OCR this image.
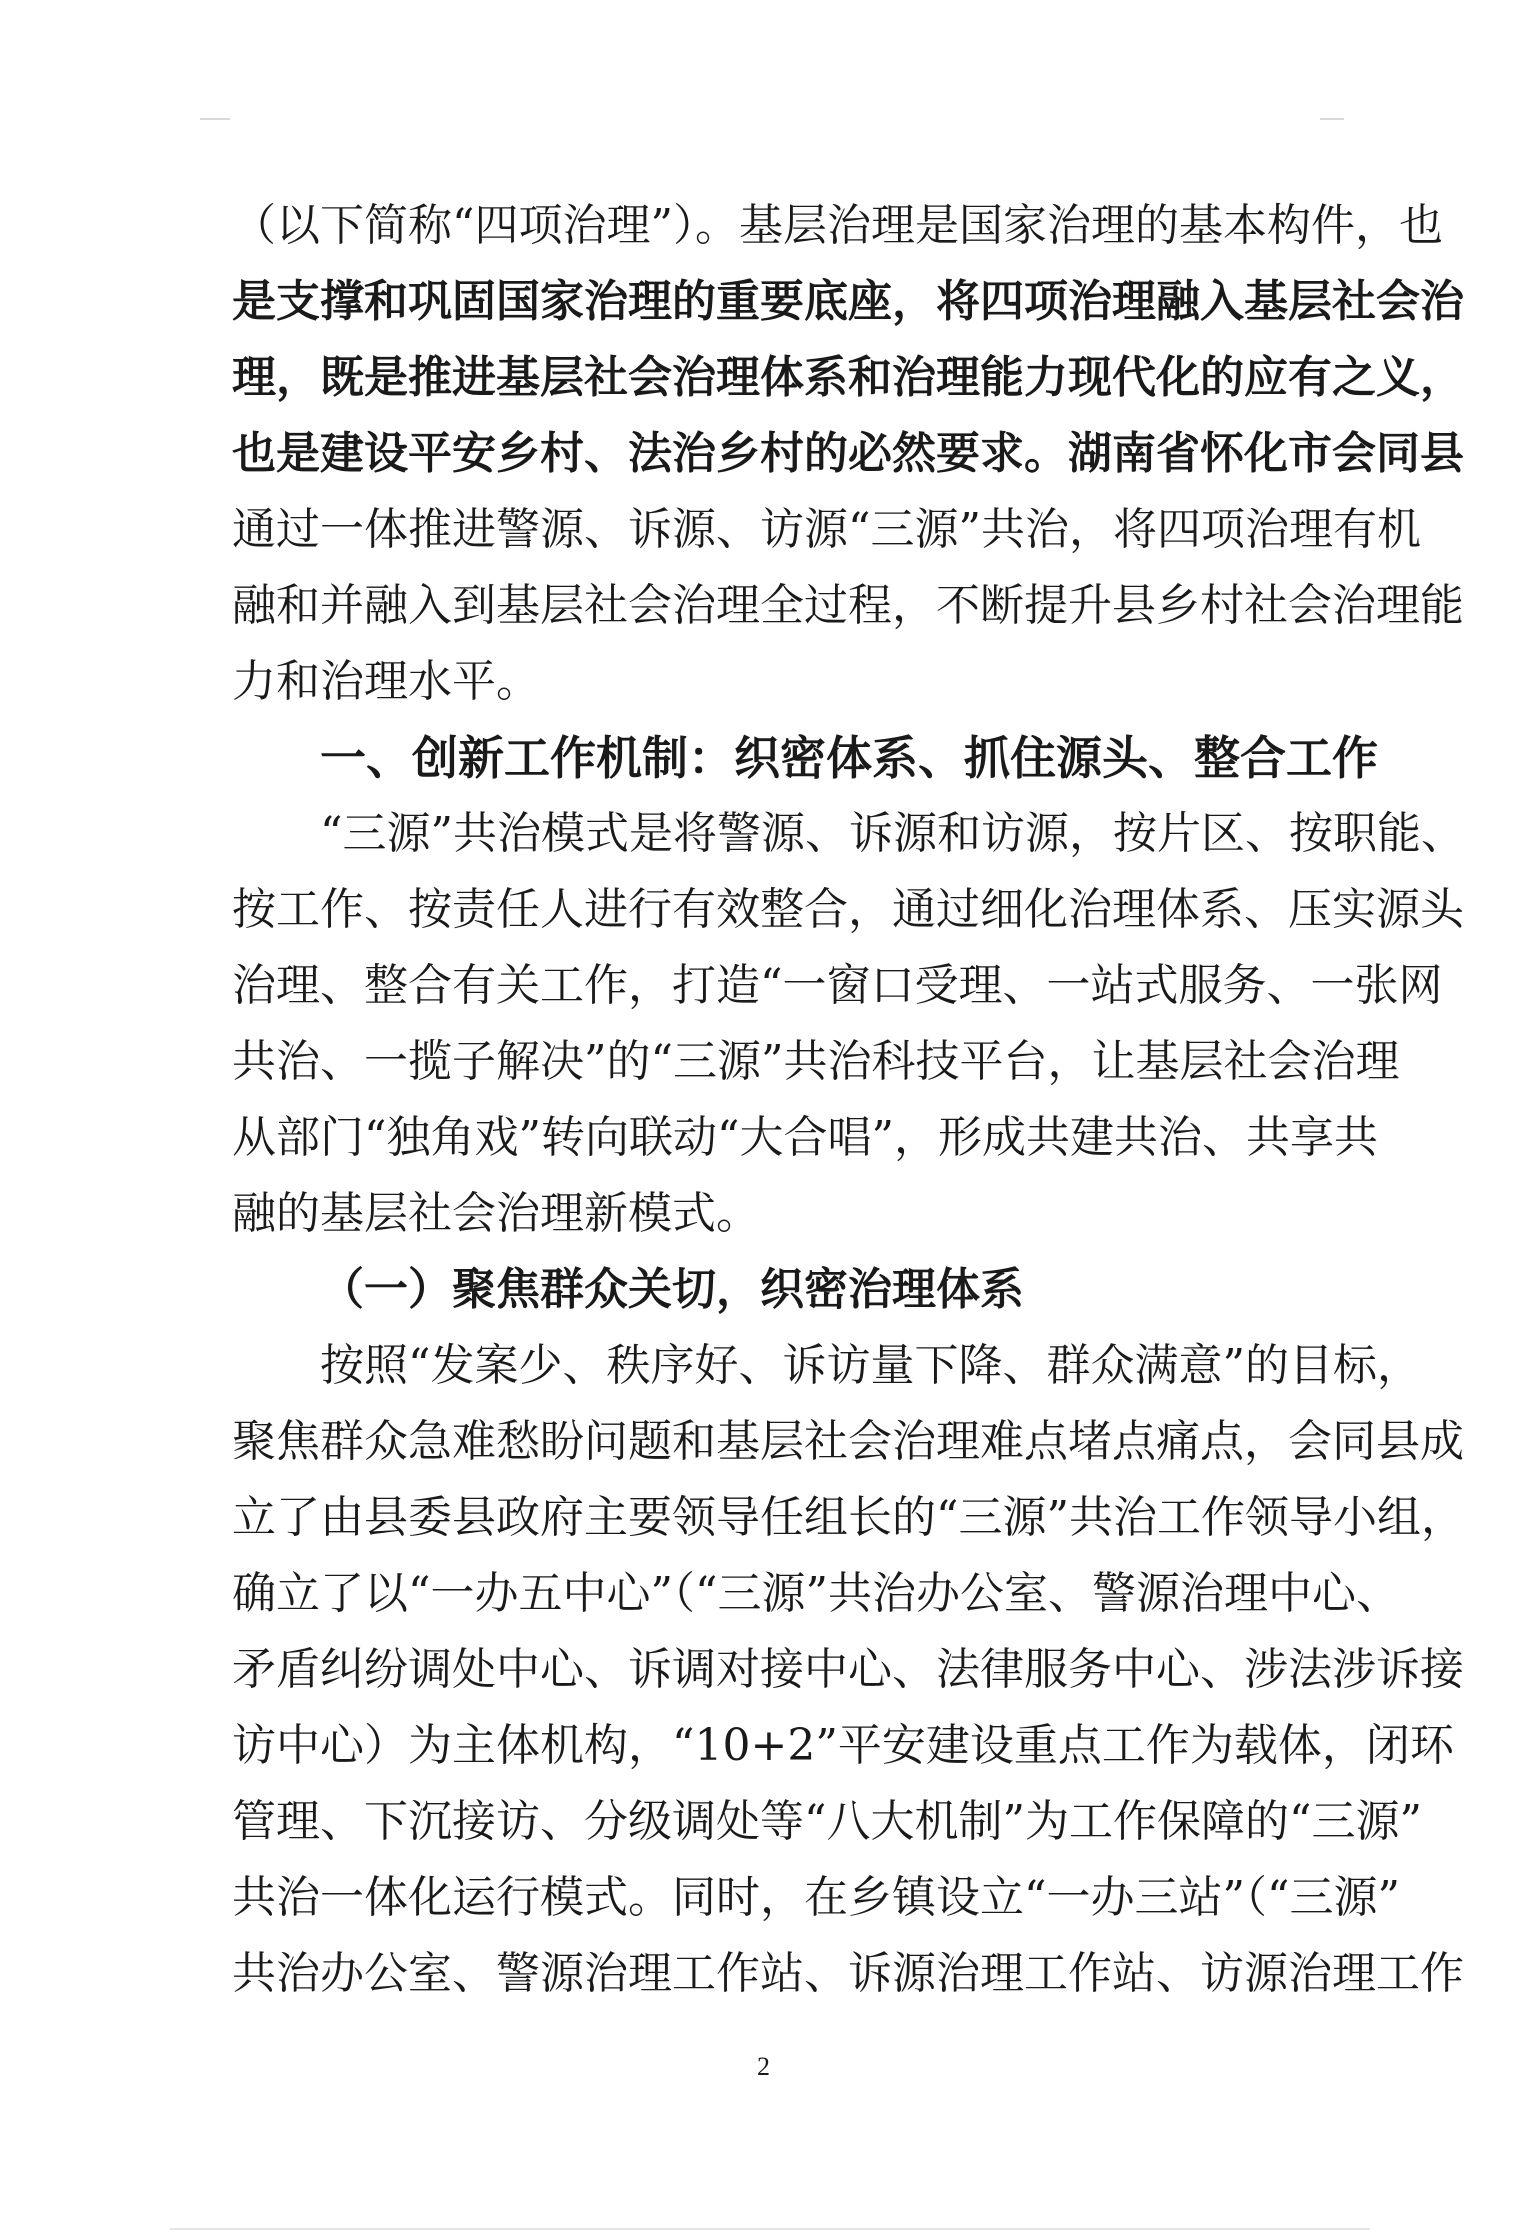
（以下简称“四项治理”）。基层治理是国家治理的基本构件，也
是支撑和巩固国家治理的重要底座，将四项治理融入基层社会治
理，既是推进基层社会治理体系和治理能力现代化的应有之义，
也是建设平安乡村、法治乡村的必然要求。湖南省怀化市会同县
通过一体推进警源、诉源、访源“三源”共治，将四项治理有机
融和并融入到基层社会治理全过程，不断提升县乡村社会治理能
力和治理水平。
一、创新工作机制：织密体系、抓住源头、整合工作
“三源”共治模式是将警源、诉源和访源，按片区、按职能、
按工作、按责任人进行有效整合，通过细化治理体系、压实源头
治理、整合有关工作，打造“一窗口受理、一站式服务、一张网
共治、一揽子解决”的“三源”共治科技平台，让基层社会治理
从部门“独角戏”转向联动“大合唱”，形成共建共治、共享共
融的基层社会治理新模式。
（一）聚焦群众关切，织密治理体系
按照“发案少、秩序好、诉访量下降、群众满意”的目标，
聚焦群众急难愁盼问题和基层社会治理难点堵点痛点，会同县成
立了由县委县政府主要领导任组长的“三源”共治工作领导小组，
确立了以“一办五中心”（“三源”共治办公室、警源治理中心、
矛盾纠纷调处中心、诉调对接中心、法律服务中心、涉法涉诉接
访中心）为主体机构，“10+2”平安建设重点工作为载体，闭环
管理、下沉接访、分级调处等“八大机制”为工作保障的“三源”
共治一体化运行模式。同时，在乡镇设立“一办三站”（“三源”
共治办公室、警源治理工作站、诉源治理工作站、访源治理工作
2
